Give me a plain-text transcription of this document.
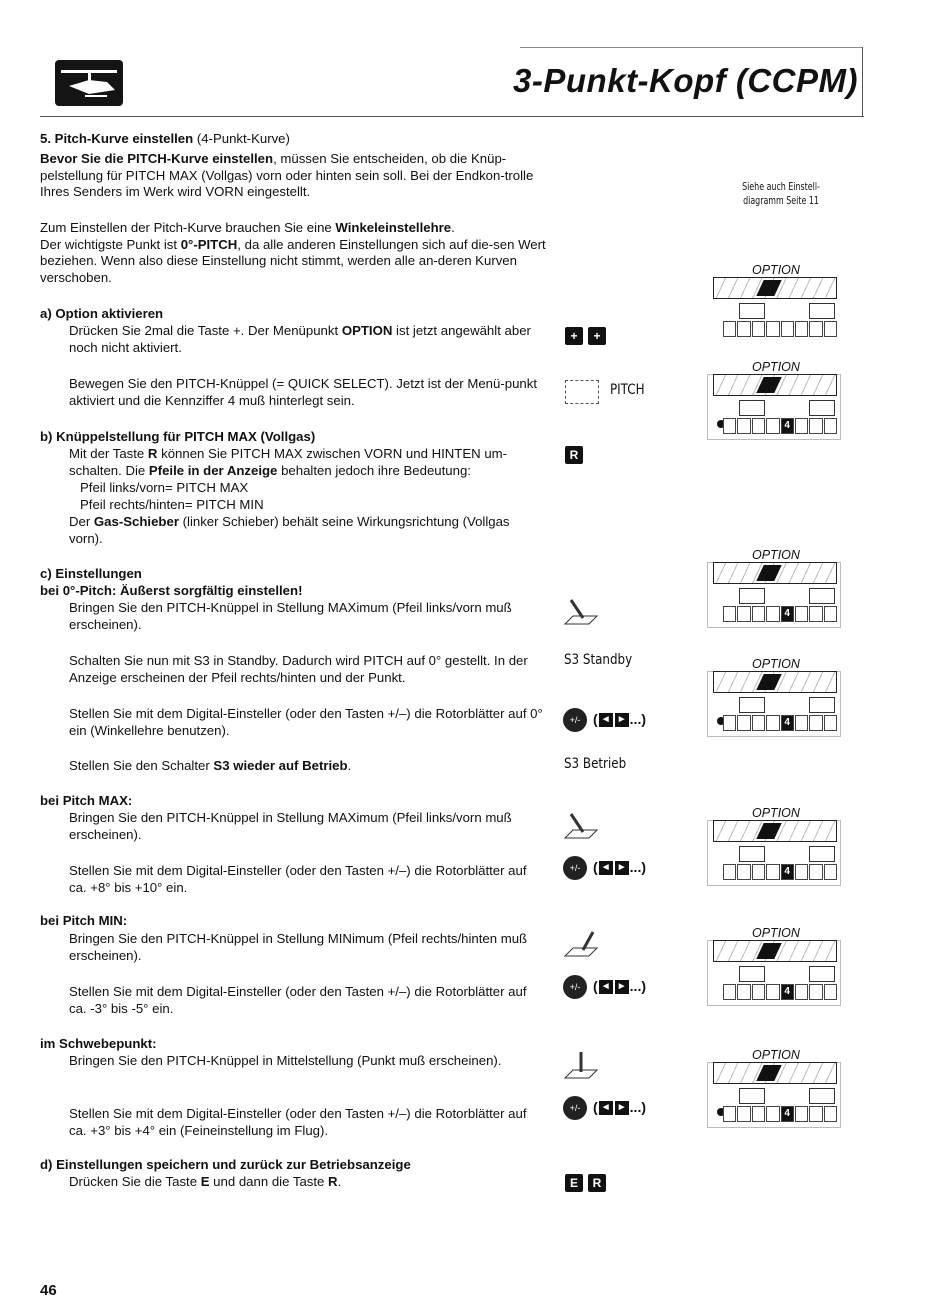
3-Punkt-Kopf (CCPM)
Siehe auch Einstell-diagramm Seite 11
5. Pitch-Kurve einstellen (4-Punkt-Kurve)
Bevor Sie die PITCH-Kurve einstellen, müssen Sie entscheiden, ob die Knüp-pelstellung für PITCH MAX (Vollgas) vorn oder hinten sein soll. Bei der Endkon-trolle Ihres Senders im Werk wird VORN eingestellt.
Zum Einstellen der Pitch-Kurve brauchen Sie eine Winkeleinstellehre.
Der wichtigste Punkt ist 0°-PITCH, da alle anderen Einstellungen sich auf die-sen Wert beziehen. Wenn also diese Einstellung nicht stimmt, werden alle an-deren Kurven verschoben.
a) Option aktivieren
Drücken Sie 2mal die Taste +. Der Menüpunkt OPTION ist jetzt angewählt aber noch nicht aktiviert.
Bewegen Sie den PITCH-Knüppel (= QUICK SELECT). Jetzt ist der Menü-punkt aktiviert und die Kennziffer 4 muß hinterlegt sein.
+	+
PITCH
b) Knüppelstellung für PITCH MAX (Vollgas)
Mit der Taste R können Sie PITCH MAX zwischen VORN und HINTEN um-schalten. Die Pfeile in der Anzeige behalten jedoch ihre Bedeutung:
Pfeil links/vorn= PITCH MAX
Pfeil rechts/hinten= PITCH MIN
Der Gas-Schieber (linker Schieber) behält seine Wirkungsrichtung (Vollgas vorn).
R
c) Einstellungen
bei 0°-Pitch: Äußerst sorgfältig einstellen!
Bringen Sie den PITCH-Knüppel in Stellung MAXimum (Pfeil links/vorn muß erscheinen).
Schalten Sie nun mit S3 in Standby. Dadurch wird PITCH auf 0° gestellt. In der Anzeige erscheinen der Pfeil rechts/hinten und der Punkt.
Stellen Sie mit dem Digital-Einsteller (oder den Tasten +/–) die Rotorblätter auf 0° ein (Winkellehre benutzen).
Stellen Sie den Schalter S3 wieder auf Betrieb.
S3 Standby
+/- ( ◄ ► ...)
S3 Betrieb
bei Pitch MAX:
Bringen Sie den PITCH-Knüppel in Stellung MAXimum (Pfeil links/vorn muß erscheinen).
Stellen Sie mit dem Digital-Einsteller (oder den Tasten +/–) die Rotorblätter auf ca. +8° bis +10° ein.
+/- ( ◄ ► ...)
bei Pitch MIN:
Bringen Sie den PITCH-Knüppel in Stellung MINimum (Pfeil rechts/hinten muß erscheinen).
Stellen Sie mit dem Digital-Einsteller (oder den Tasten +/–) die Rotorblätter auf ca. -3° bis -5° ein.
+/- ( ◄ ► ...)
im Schwebepunkt:
Bringen Sie den PITCH-Knüppel in Mittelstellung (Punkt muß erscheinen).
Stellen Sie mit dem Digital-Einsteller (oder den Tasten +/–) die Rotorblätter auf ca. +3° bis +4° ein (Feineinstellung im Flug).
+/- ( ◄ ► ...)
d) Einstellungen speichern und zurück zur Betriebsanzeige
Drücken Sie die Taste E und dann die Taste R.	E	R
OPTION
OPTION
4
OPTION
4
OPTION
4
OPTION
4
OPTION
4
OPTION
4
46
